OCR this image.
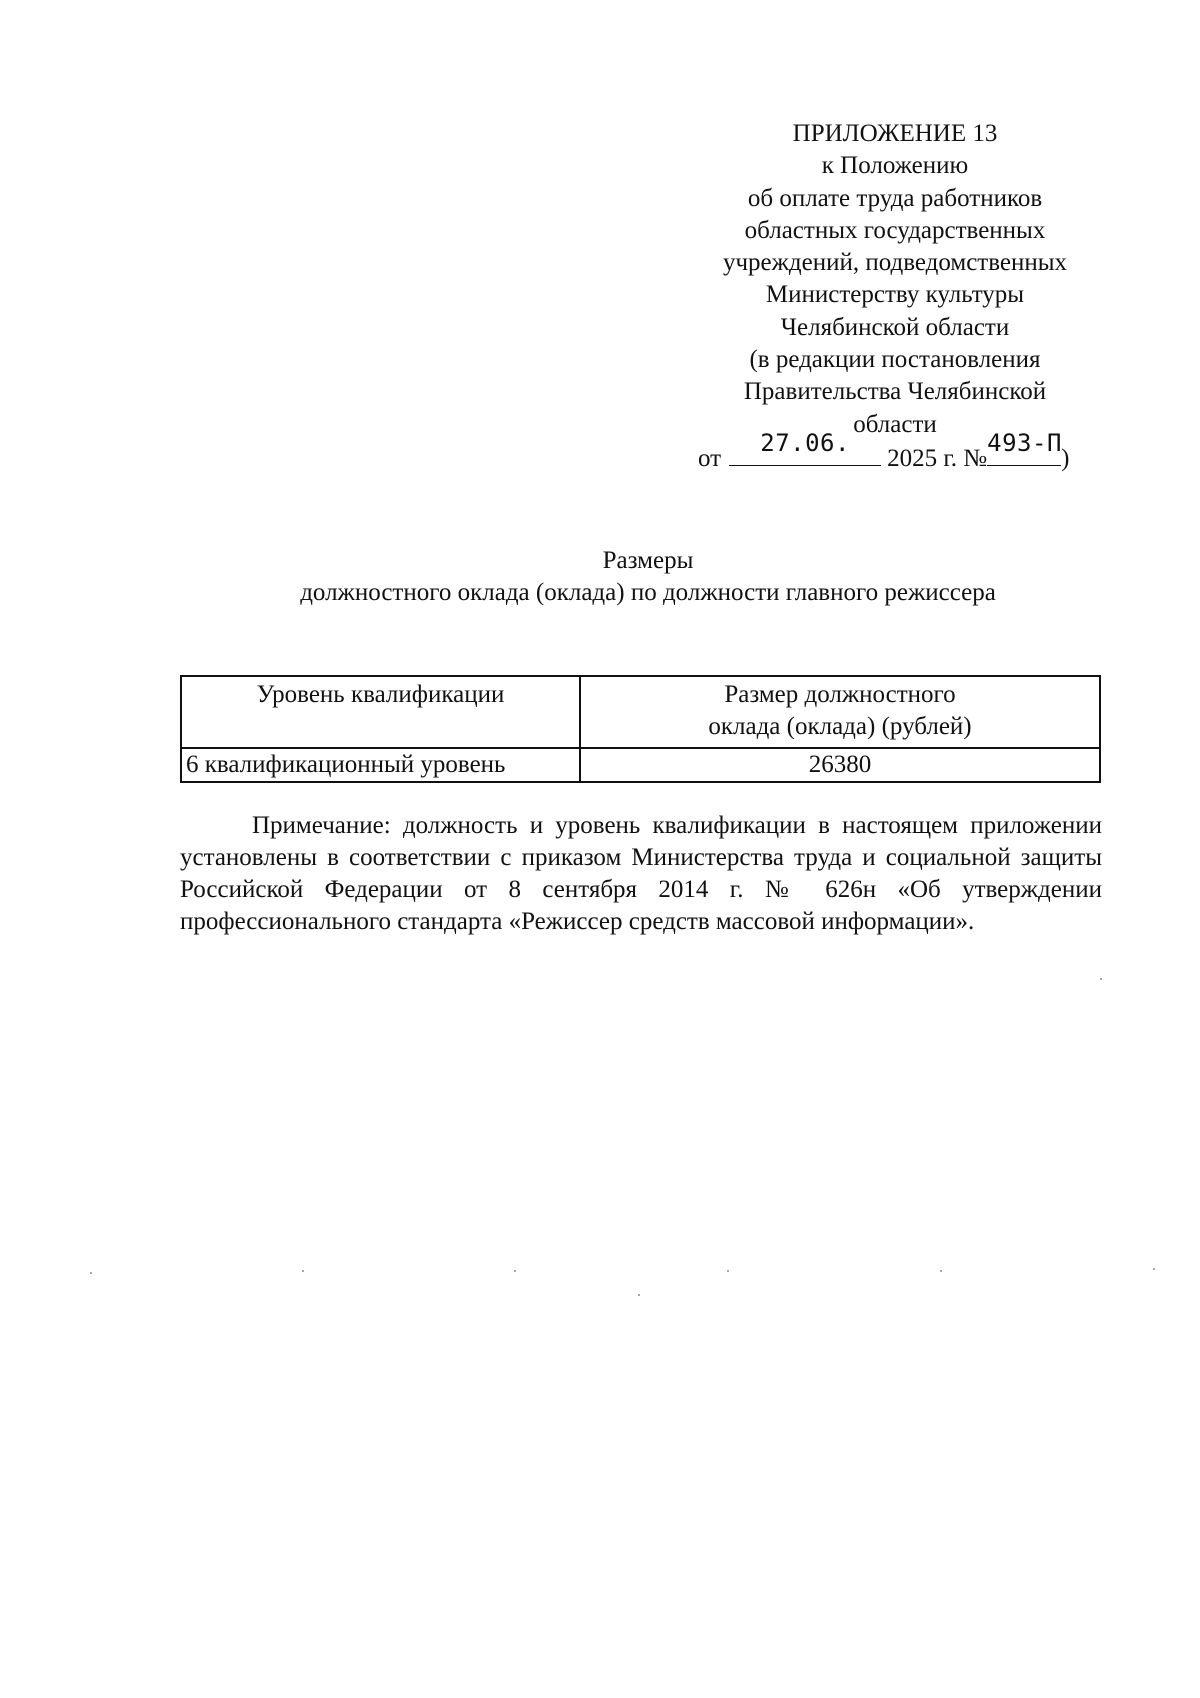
ПРИЛОЖЕНИЕ 13
к Положению
об оплате труда работников
областных государственных
учреждений, подведомственных
Министерству культуры
Челябинской области
(в редакции постановления
Правительства Челябинской
области
от
27.06.
2025 г. №
493-П
)
Размеры
должностного оклада (оклада) по должности главного режиссера
Уровень квалификации	Размер должностного
оклада (оклада) (рублей)

6 квалификационный уровень	26380

Примечание: должность и уровень квалификации в настоящем приложении установлены в соответствии с приказом Министерства труда и социальной защиты Российской Федерации от 8 сентября 2014 г. № 626н «Об утверждении профессионального стандарта «Режиссер средств массовой информации».
